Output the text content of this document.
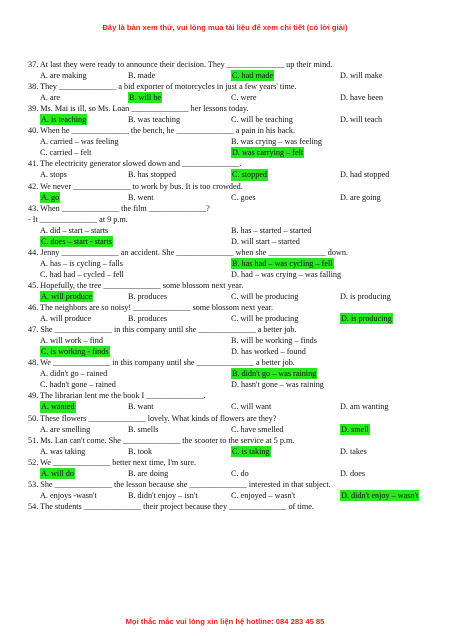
Đây là bản xem thử, vui lòng mua tài liệu để xem chi tiết (có lời giải)
37. At last they were ready to announce their decision. They ______________ up their mind.
A. are making	B. made	C. had made	D. will make
38. They ______________ a bid exporter of motorcycles in just a few years' time.
A. are	B. will be	C. were	D. have been
39. Ms. Mai is ill, so Ms. Loan ______________ her lessons today.
A. is teaching	B. was teaching	C. will be teaching	D. will teach
40. When he ______________ the bench, he ______________ a pain in his back.
A. carried – was feeling	B. was crying – was feeling
C. carried – felt	D. was carrying – felt
41. The electricity generator slowed down and ______________.
A. stops	B. has stopped	C. stopped	D. had stopped
42. We never ______________ to work by bus. It is too crowded.
A. go	B. went	C. goes	D. are going
43. When ______________ the film ______________?
- It ______________ at 9 p.m.
A. did – start – starts	B. has – started – started
C. does – start - starts	D. will start – started
44. Jenny ______________ an accident. She ______________ when she ______________ down.
A. has – is cycling – falls	B. has had – was cycling – fell
C. had had – cycled – fell	D. had – was crying – was falling
45. Hopefully, the tree ______________ some blossom next year.
A. will produce	B. produces	C. will be producing	D. is producing
46. The neighbors are so noisy! ______________ some blossom next year.
A. will produce	B. produces	C. will be producing	D. is producing
47. She ______________ in this company until she ______________ a better job.
A. will work – find	B. will be working – finds
C. is working - finds	D. has worked – found
48. We ______________ in this company until she ______________ a better job.
A. didn't go – rained	B. didn't go – was raining
C. hadn't gone – rained	D. hasn't gone – was raining
49. The librarian lent me the book I ______________.
A. wanted	B. want	C. will want	D. am wanting
50. These flowers ______________ lovely. What kinds of flowers are they?
A. are smelling	B. smells	C. have smelled	D. smell
51. Ms. Lan can't come. She ______________ the scooter to the service at 5 p.m.
A. was taking	B. took	C. is taking	D. takes
52. We ______________ better next time, I'm sure.
A. will do	B. are doing	C. do	D. does
53. She ______________ the lesson because she ______________ interested in that subject.
A. enjoys -wasn't	B. didn't enjoy – isn't	C. enjoyed – wasn't	D. didn't enjoy – wasn't
54. The students ______________ their project because they ______________ of time.
Mọi thắc mắc vui lòng xin liện hệ hotline: 084 283 45 85
